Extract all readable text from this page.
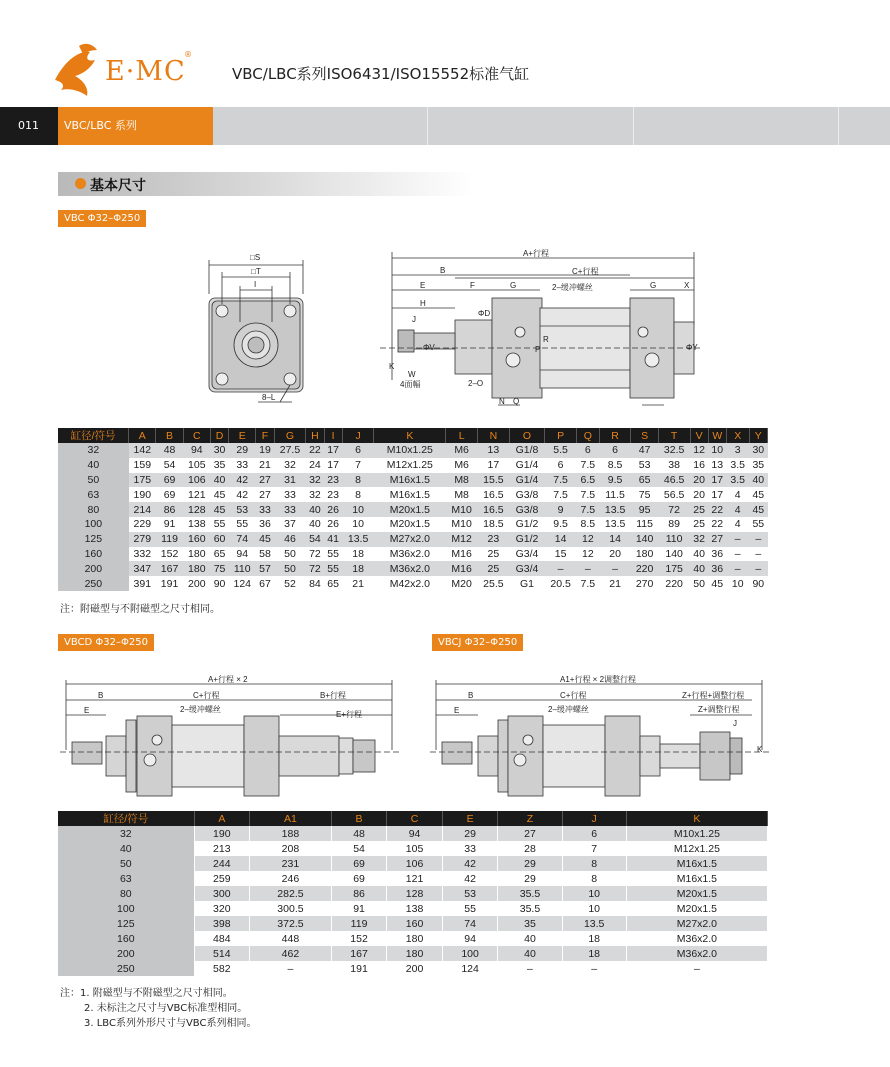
E·MC
®
VBC/LBC系列ISO6431/ISO15552标准气缸
011	VBC/LBC 系列
基本尺寸
VBC Φ32–Φ250
□S
□T
I
8–L
A+行程
B	C+行程
E	F	G	G
H
X
J
ΦD
ΦV	ΦY
K
W
4面幅	2–O
2–缓冲螺丝
P
R
N Q
缸径/符号	A	B	C	D	E	F	G	H	I	J	K	L	N	O	P	Q	R	S	T	V	W	X	Y
32	142	48	94	30	29	19	27.5	22	17	6	M10x1.25	M6	13	G1/8	5.5	6	6	47	32.5	12	10	3	30
40	159	54	105	35	33	21	32	24	17	7	M12x1.25	M6	17	G1/4	6	7.5	8.5	53	38	16	13	3.5	35
50	175	69	106	40	42	27	31	32	23	8	M16x1.5	M8	15.5	G1/4	7.5	6.5	9.5	65	46.5	20	17	3.5	40
63	190	69	121	45	42	27	33	32	23	8	M16x1.5	M8	16.5	G3/8	7.5	7.5	11.5	75	56.5	20	17	4	45
80	214	86	128	45	53	33	33	40	26	10	M20x1.5	M10	16.5	G3/8	9	7.5	13.5	95	72	25	22	4	45
100	229	91	138	55	55	36	37	40	26	10	M20x1.5	M10	18.5	G1/2	9.5	8.5	13.5	115	89	25	22	4	55
125	279	119	160	60	74	45	46	54	41	13.5	M27x2.0	M12	23	G1/2	14	12	14	140	110	32	27	–	–
160	332	152	180	65	94	58	50	72	55	18	M36x2.0	M16	25	G3/4	15	12	20	180	140	40	36	–	–
200	347	167	180	75	110	57	50	72	55	18	M36x2.0	M16	25	G3/4	–	–	–	220	175	40	36	–	–
250	391	191	200	90	124	67	52	84	65	21	M42x2.0	M20	25.5	G1	20.5	7.5	21	270	220	50	45	10	90
注：附磁型与不附磁型之尺寸相同。
VBCD Φ32–Φ250	VBCJ Φ32–Φ250
A+行程 × 2
B	C+行程	B+行程
E	E+行程
2–缓冲螺丝
A1+行程 × 2调整行程
B	C+行程	Z+行程+调整行程
Z+调整行程
E
J
K
2–缓冲螺丝
缸径/符号	A	A1	B	C	E	Z	J	K
32	190	188	48	94	29	27	6	M10x1.25
40	213	208	54	105	33	28	7	M12x1.25
50	244	231	69	106	42	29	8	M16x1.5
63	259	246	69	121	42	29	8	M16x1.5
80	300	282.5	86	128	53	35.5	10	M20x1.5
100	320	300.5	91	138	55	35.5	10	M20x1.5
125	398	372.5	119	160	74	35	13.5	M27x2.0
160	484	448	152	180	94	40	18	M36x2.0
200	514	462	167	180	100	40	18	M36x2.0
250	582	–	191	200	124	–	–	–
注：1. 附磁型与不附磁型之尺寸相同。
2. 未标注之尺寸与VBC标准型相同。
3. LBC系列外形尺寸与VBC系列相同。
